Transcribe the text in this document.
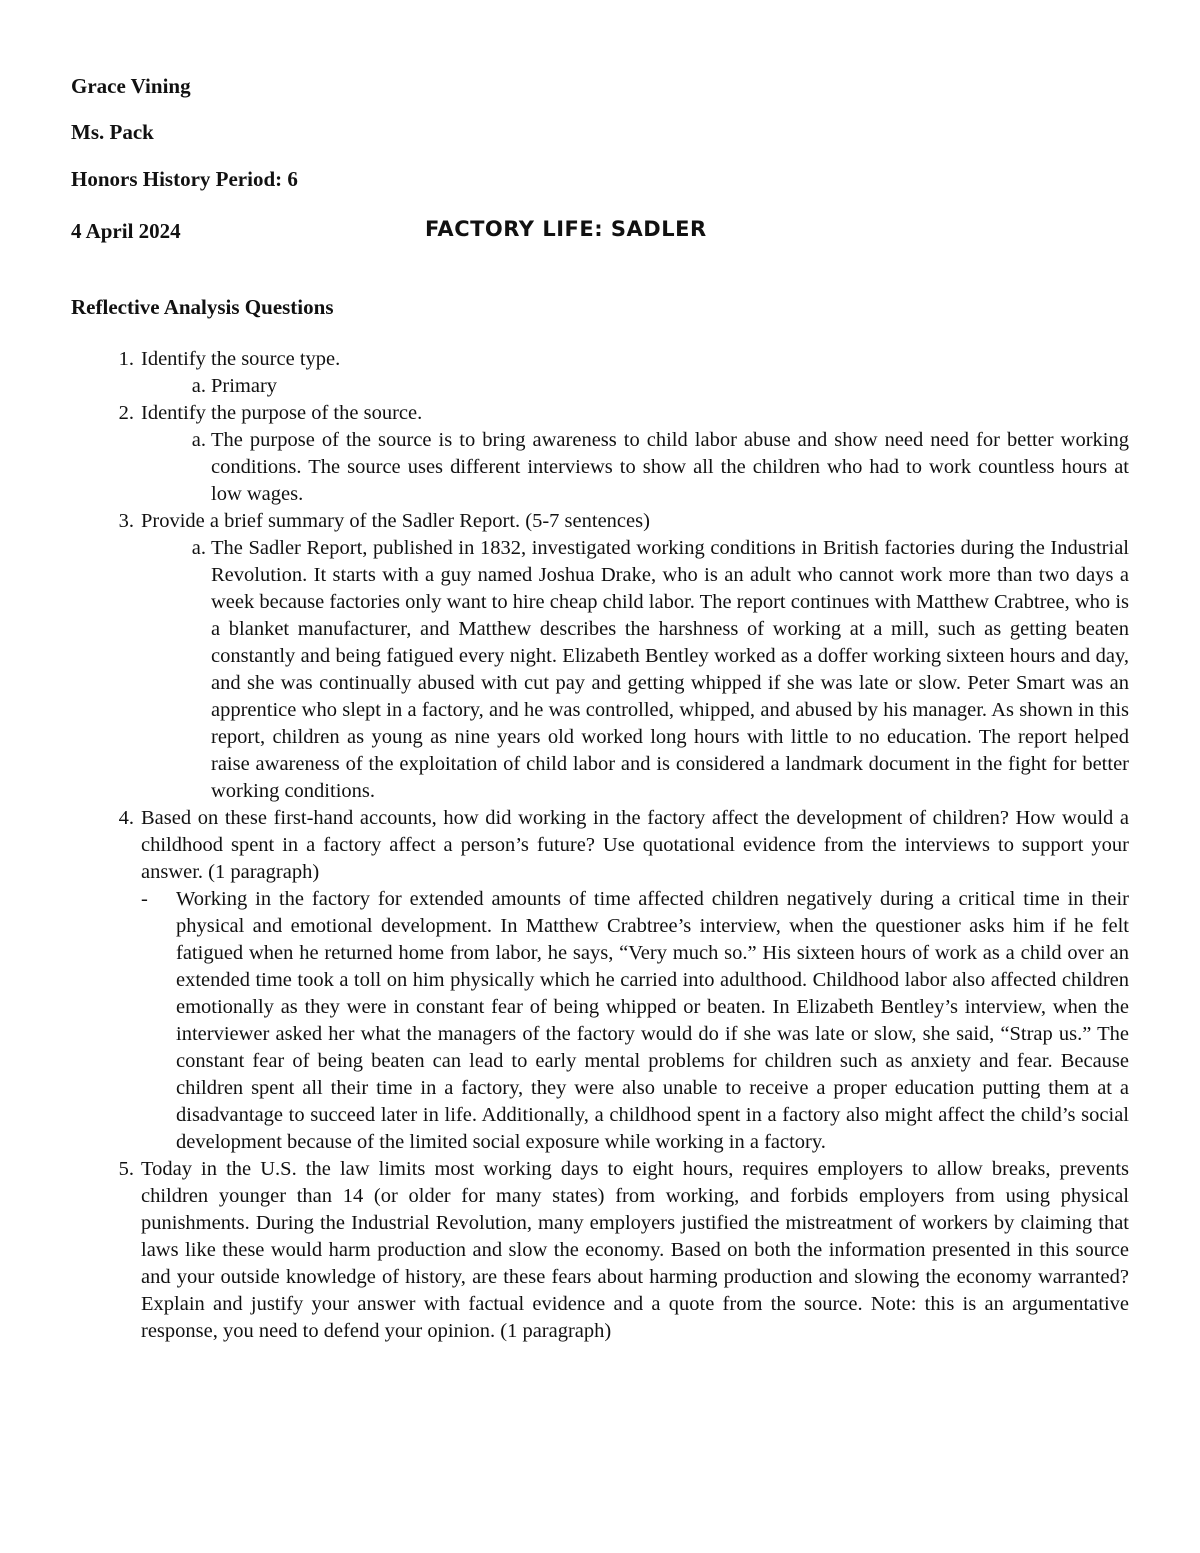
Grace Vining
Ms. Pack
Honors History Period: 6
4 April 2024	FACTORY LIFE: SADLER
Reflective Analysis Questions
1. Identify the source type.
a. Primary
2. Identify the purpose of the source.
a. The purpose of the source is to bring awareness to child labor abuse and show need need for better working conditions. The source uses different interviews to show all the children who had to work countless hours at low wages.
3. Provide a brief summary of the Sadler Report. (5-7 sentences)
a. The Sadler Report, published in 1832, investigated working conditions in British factories during the Industrial Revolution. It starts with a guy named Joshua Drake, who is an adult who cannot work more than two days a week because factories only want to hire cheap child labor. The report continues with Matthew Crabtree, who is a blanket manufacturer, and Matthew describes the harshness of working at a mill, such as getting beaten constantly and being fatigued every night. Elizabeth Bentley worked as a doffer working sixteen hours and day, and she was continually abused with cut pay and getting whipped if she was late or slow. Peter Smart was an apprentice who slept in a factory, and he was controlled, whipped, and abused by his manager. As shown in this report, children as young as nine years old worked long hours with little to no education. The report helped raise awareness of the exploitation of child labor and is considered a landmark document in the fight for better working conditions.
4. Based on these first-hand accounts, how did working in the factory affect the development of children? How would a childhood spent in a factory affect a person’s future? Use quotational evidence from the interviews to support your answer. (1 paragraph)
- Working in the factory for extended amounts of time affected children negatively during a critical time in their physical and emotional development. In Matthew Crabtree’s interview, when the questioner asks him if he felt fatigued when he returned home from labor, he says, “Very much so.” His sixteen hours of work as a child over an extended time took a toll on him physically which he carried into adulthood. Childhood labor also affected children emotionally as they were in constant fear of being whipped or beaten. In Elizabeth Bentley’s interview, when the interviewer asked her what the managers of the factory would do if she was late or slow, she said, “Strap us.” The constant fear of being beaten can lead to early mental problems for children such as anxiety and fear. Because children spent all their time in a factory, they were also unable to receive a proper education putting them at a disadvantage to succeed later in life. Additionally, a childhood spent in a factory also might affect the child’s social development because of the limited social exposure while working in a factory.
5. Today in the U.S. the law limits most working days to eight hours, requires employers to allow breaks, prevents children younger than 14 (or older for many states) from working, and forbids employers from using physical punishments. During the Industrial Revolution, many employers justified the mistreatment of workers by claiming that laws like these would harm production and slow the economy. Based on both the information presented in this source and your outside knowledge of history, are these fears about harming production and slowing the economy warranted? Explain and justify your answer with factual evidence and a quote from the source. Note: this is an argumentative response, you need to defend your opinion. (1 paragraph)
